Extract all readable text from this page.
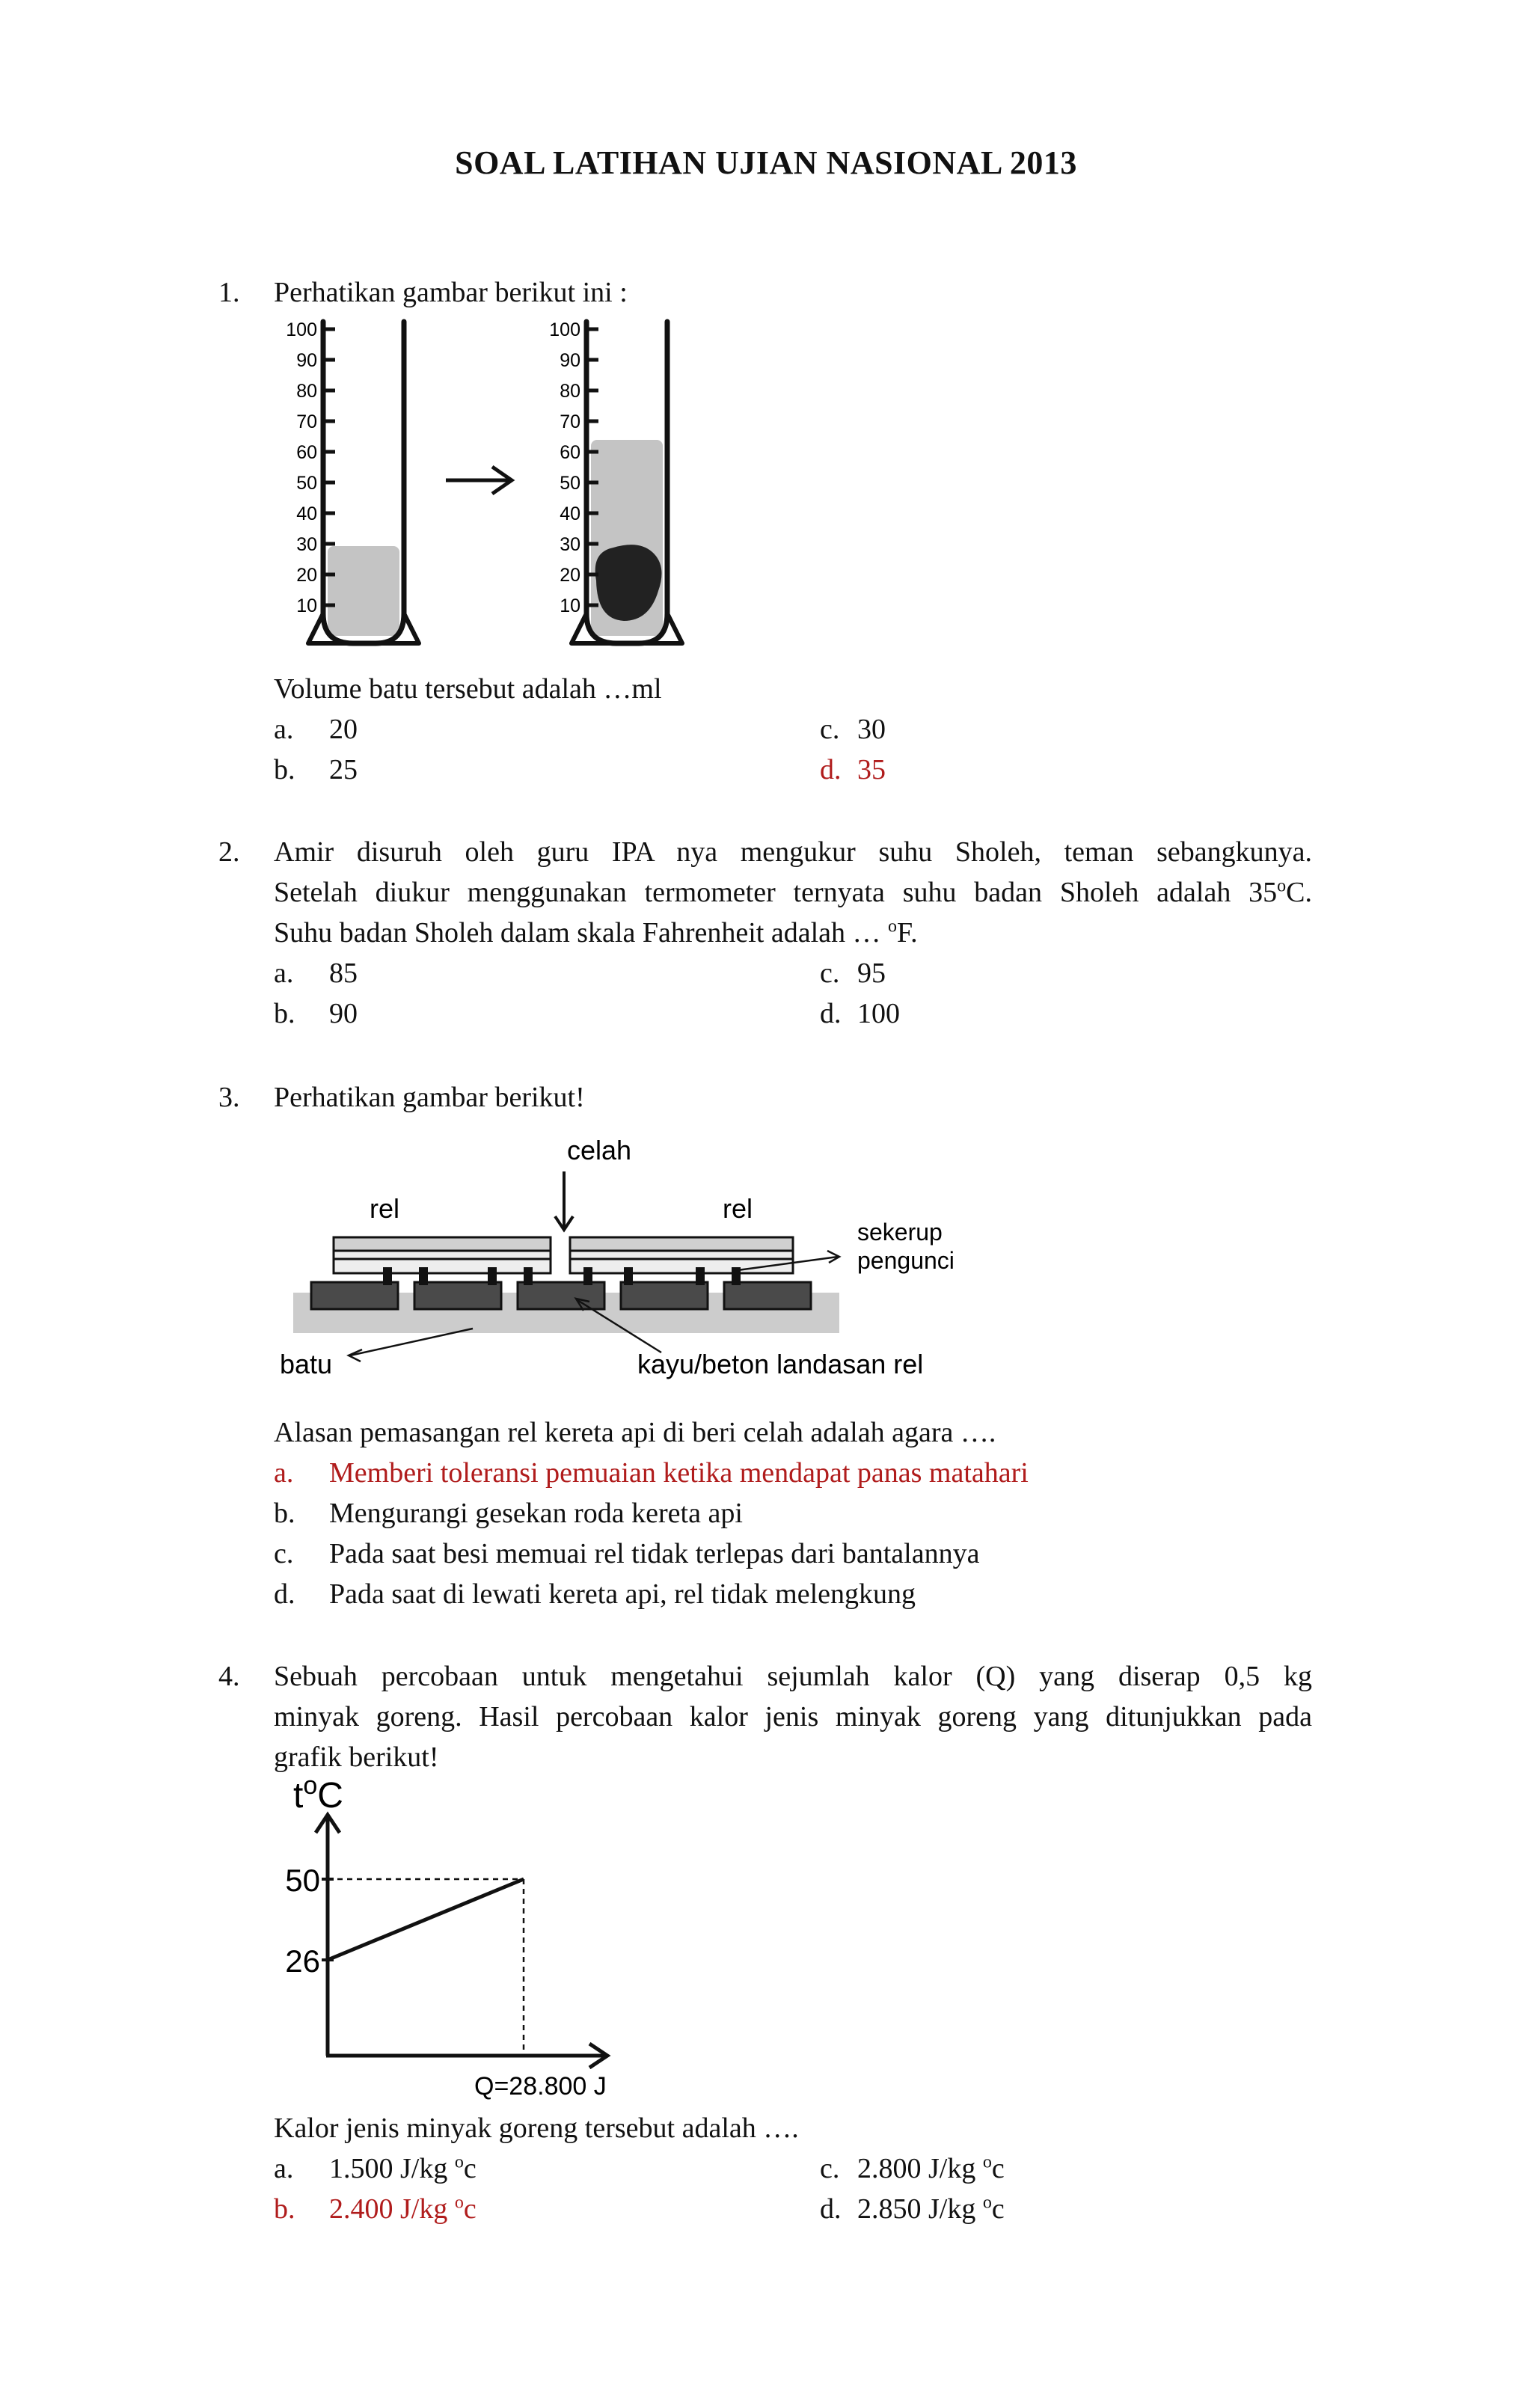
SOAL LATIHAN UJIAN NASIONAL 2013
1. Perhatikan gambar berikut ini :
100
90
80
70
60
50
40
30
20
10
100
90
80
70
60
50
40
30
20
10
Volume batu tersebut adalah …ml
a. 20
b. 25
c. 30
d. 35
2. Amir disuruh oleh guru IPA nya mengukur suhu Sholeh, teman sebangkunya.
Setelah diukur menggunakan termometer ternyata suhu badan Sholeh adalah 35$^o$C.
Suhu badan Sholeh dalam skala Fahrenheit adalah … $^o$F.
a. 85
b. 90
c. 95
d. 100
3. Perhatikan gambar berikut!
celah
rel	rel
sekerup
pengunci
batu	kayu/beton landasan rel
Alasan pemasangan rel kereta api di beri celah adalah agara ….
a. Memberi toleransi pemuaian ketika mendapat panas matahari
b. Mengurangi gesekan roda kereta api
c. Pada saat besi memuai rel tidak terlepas dari bantalannya
d. Pada saat di lewati kereta api, rel tidak melengkung
4. Sebuah percobaan untuk mengetahui sejumlah kalor (Q) yang diserap 0,5 kg
minyak goreng. Hasil percobaan kalor jenis minyak goreng yang ditunjukkan pada
grafik berikut!
$t^oC$
50
26
Q=28.800 J
Kalor jenis minyak goreng tersebut adalah ….
a. 1.500 J/kg $^o$c
b. 2.400 J/kg $^o$c
c. 2.800 J/kg $^o$c
d. 2.850 J/kg $^o$c
